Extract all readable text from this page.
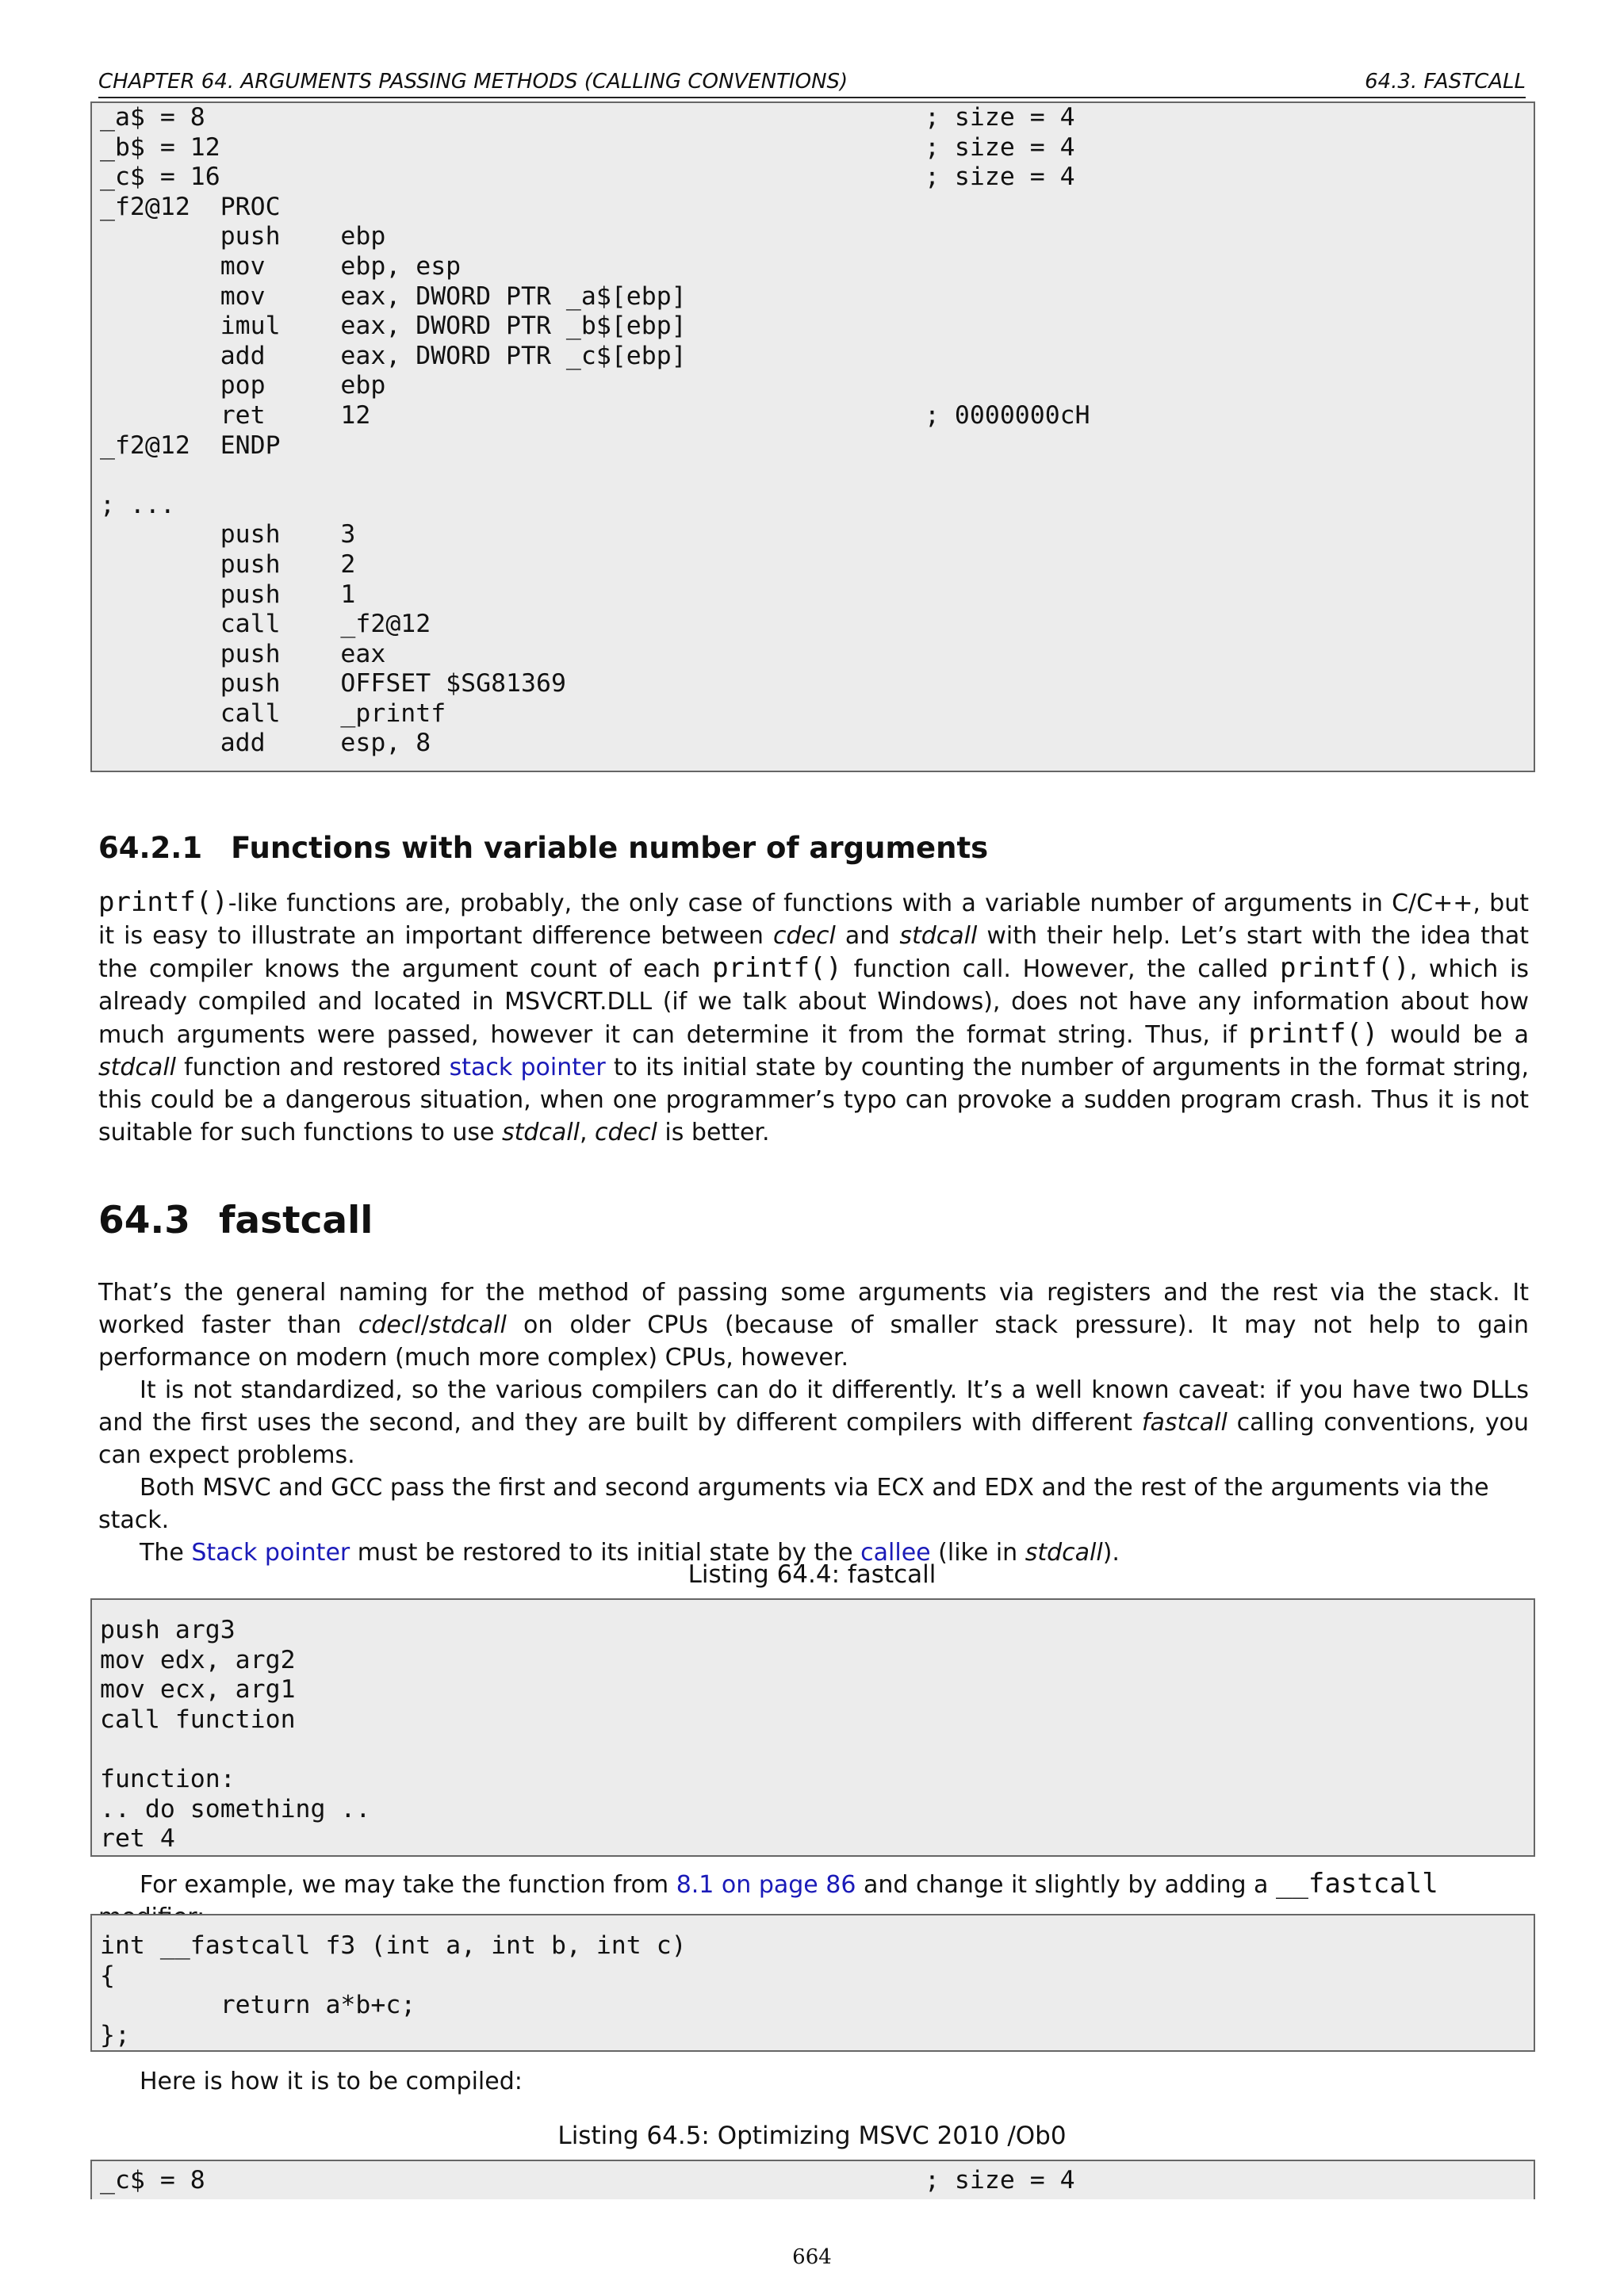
CHAPTER 64. ARGUMENTS PASSING METHODS (CALLING CONVENTIONS)	64.3. FASTCALL
_a$ = 8	; size = 4
_b$ = 12	; size = 4
_c$ = 16	; size = 4
_f2@12  PROC
push    ebp
mov     ebp, esp
mov     eax, DWORD PTR _a$[ebp]
imul    eax, DWORD PTR _b$[ebp]
add     eax, DWORD PTR _c$[ebp]
pop     ebp
ret     12	; 0000000cH
_f2@12  ENDP
; ...
push    3
push    2
push    1
call    _f2@12
push    eax
push    OFFSET $SG81369
call    _printf
add     esp, 8
64.2.1 Functions with variable number of arguments

printf()-like functions are, probably, the only case of functions with a variable number of arguments in C/C++, but it is easy to illustrate an important difference between cdecl and stdcall with their help. Let’s start with the idea that the compiler knows the argument count of each printf() function call. However, the called printf(), which is already compiled and located in MSVCRT.DLL (if we talk about Windows), does not have any information about how much arguments were passed, however it can determine it from the format string. Thus, if printf() would be a stdcall function and restored stack pointer to its initial state by counting the number of arguments in the format string, this could be a dangerous situation, when one programmer’s typo can provoke a sudden program crash. Thus it is not suitable for such functions to use stdcall, cdecl is better.

64.3 fastcall

That’s the general naming for the method of passing some arguments via registers and the rest via the stack. It worked faster than cdecl/stdcall on older CPUs (because of smaller stack pressure). It may not help to gain performance on modern (much more complex) CPUs, however.

It is not standardized, so the various compilers can do it differently. It’s a well known caveat: if you have two DLLs and the first uses the second, and they are built by different compilers with different fastcall calling conventions, you can expect problems.

Both MSVC and GCC pass the first and second arguments via ECX and EDX and the rest of the arguments via the stack.

The Stack pointer must be restored to its initial state by the callee (like in stdcall).

Listing 64.4: fastcall
push arg3
mov edx, arg2
mov ecx, arg1
call function
function:
.. do something ..
ret 4

For example, we may take the function from 8.1 on page 86 and change it slightly by adding a __fastcall

int __fastcall f3 (int a, int b, int c)
{
return a*b+c;
};

Here is how it is to be compiled:

Listing 64.5: Optimizing MSVC 2010 /Ob0
_c$ = 8	; size = 4
664
